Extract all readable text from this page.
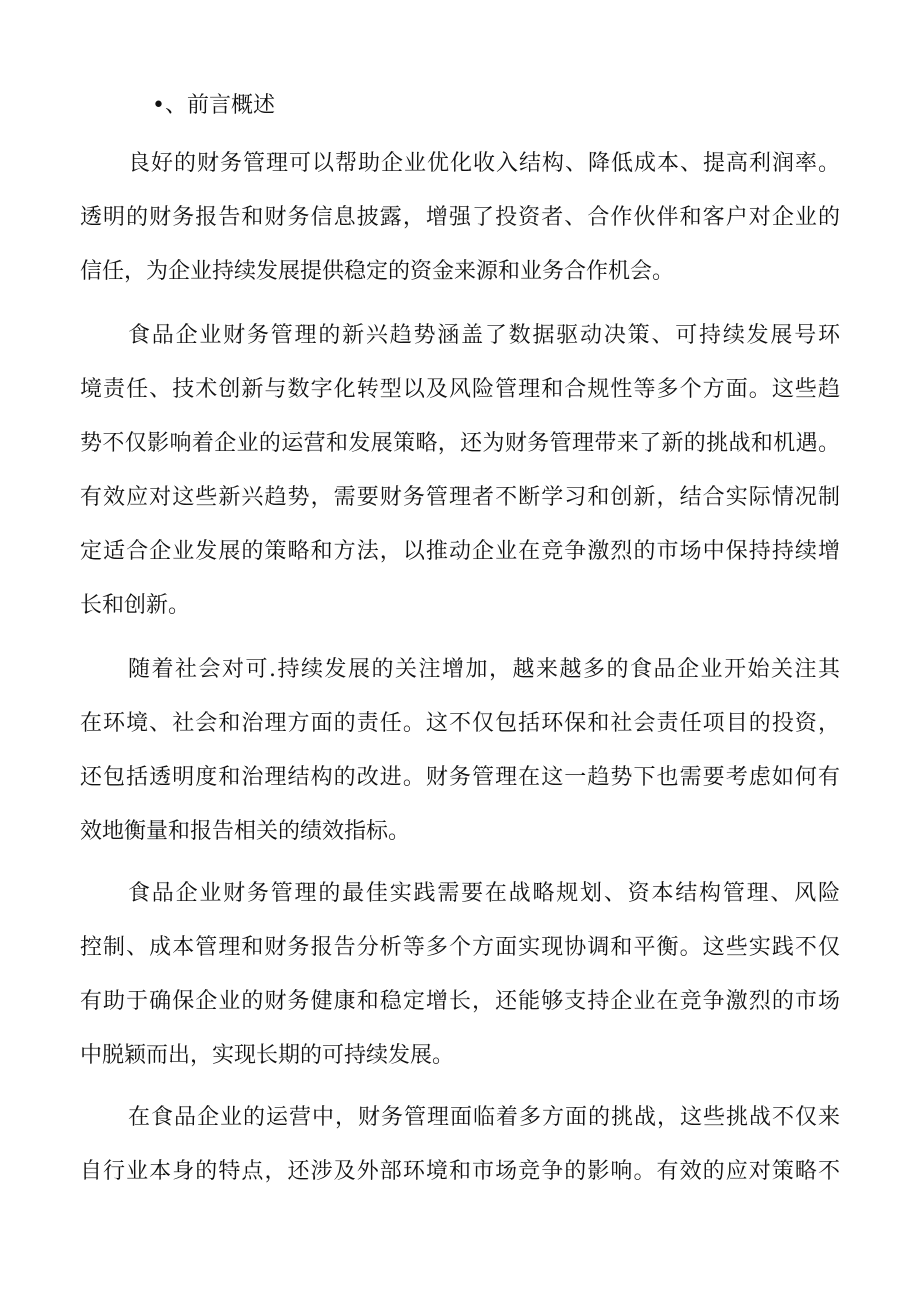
•、前言概述
良好的财务管理可以帮助企业优化收入结构、降低成本、提高利润率。
透明的财务报告和财务信息披露，增强了投资者、合作伙伴和客户对企业的
信任，为企业持续发展提供稳定的资金来源和业务合作机会。
食品企业财务管理的新兴趋势涵盖了数据驱动决策、可持续发展号环
境责任、技术创新与数字化转型以及风险管理和合规性等多个方面。这些趋
势不仅影响着企业的运营和发展策略，还为财务管理带来了新的挑战和机遇。
有效应对这些新兴趋势，需要财务管理者不断学习和创新，结合实际情况制
定适合企业发展的策略和方法，以推动企业在竞争激烈的市场中保持持续增
长和创新。
随着社会对可.持续发展的关注增加，越来越多的食品企业开始关注其
在环境、社会和治理方面的责任。这不仅包括环保和社会责任项目的投资，
还包括透明度和治理结构的改进。财务管理在这一趋势下也需要考虑如何有
效地衡量和报告相关的绩效指标。
食品企业财务管理的最佳实践需要在战略规划、资本结构管理、风险
控制、成本管理和财务报告分析等多个方面实现协调和平衡。这些实践不仅
有助于确保企业的财务健康和稳定增长，还能够支持企业在竞争激烈的市场
中脱颖而出，实现长期的可持续发展。
在食品企业的运营中，财务管理面临着多方面的挑战，这些挑战不仅来
自行业本身的特点，还涉及外部环境和市场竞争的影响。有效的应对策略不
